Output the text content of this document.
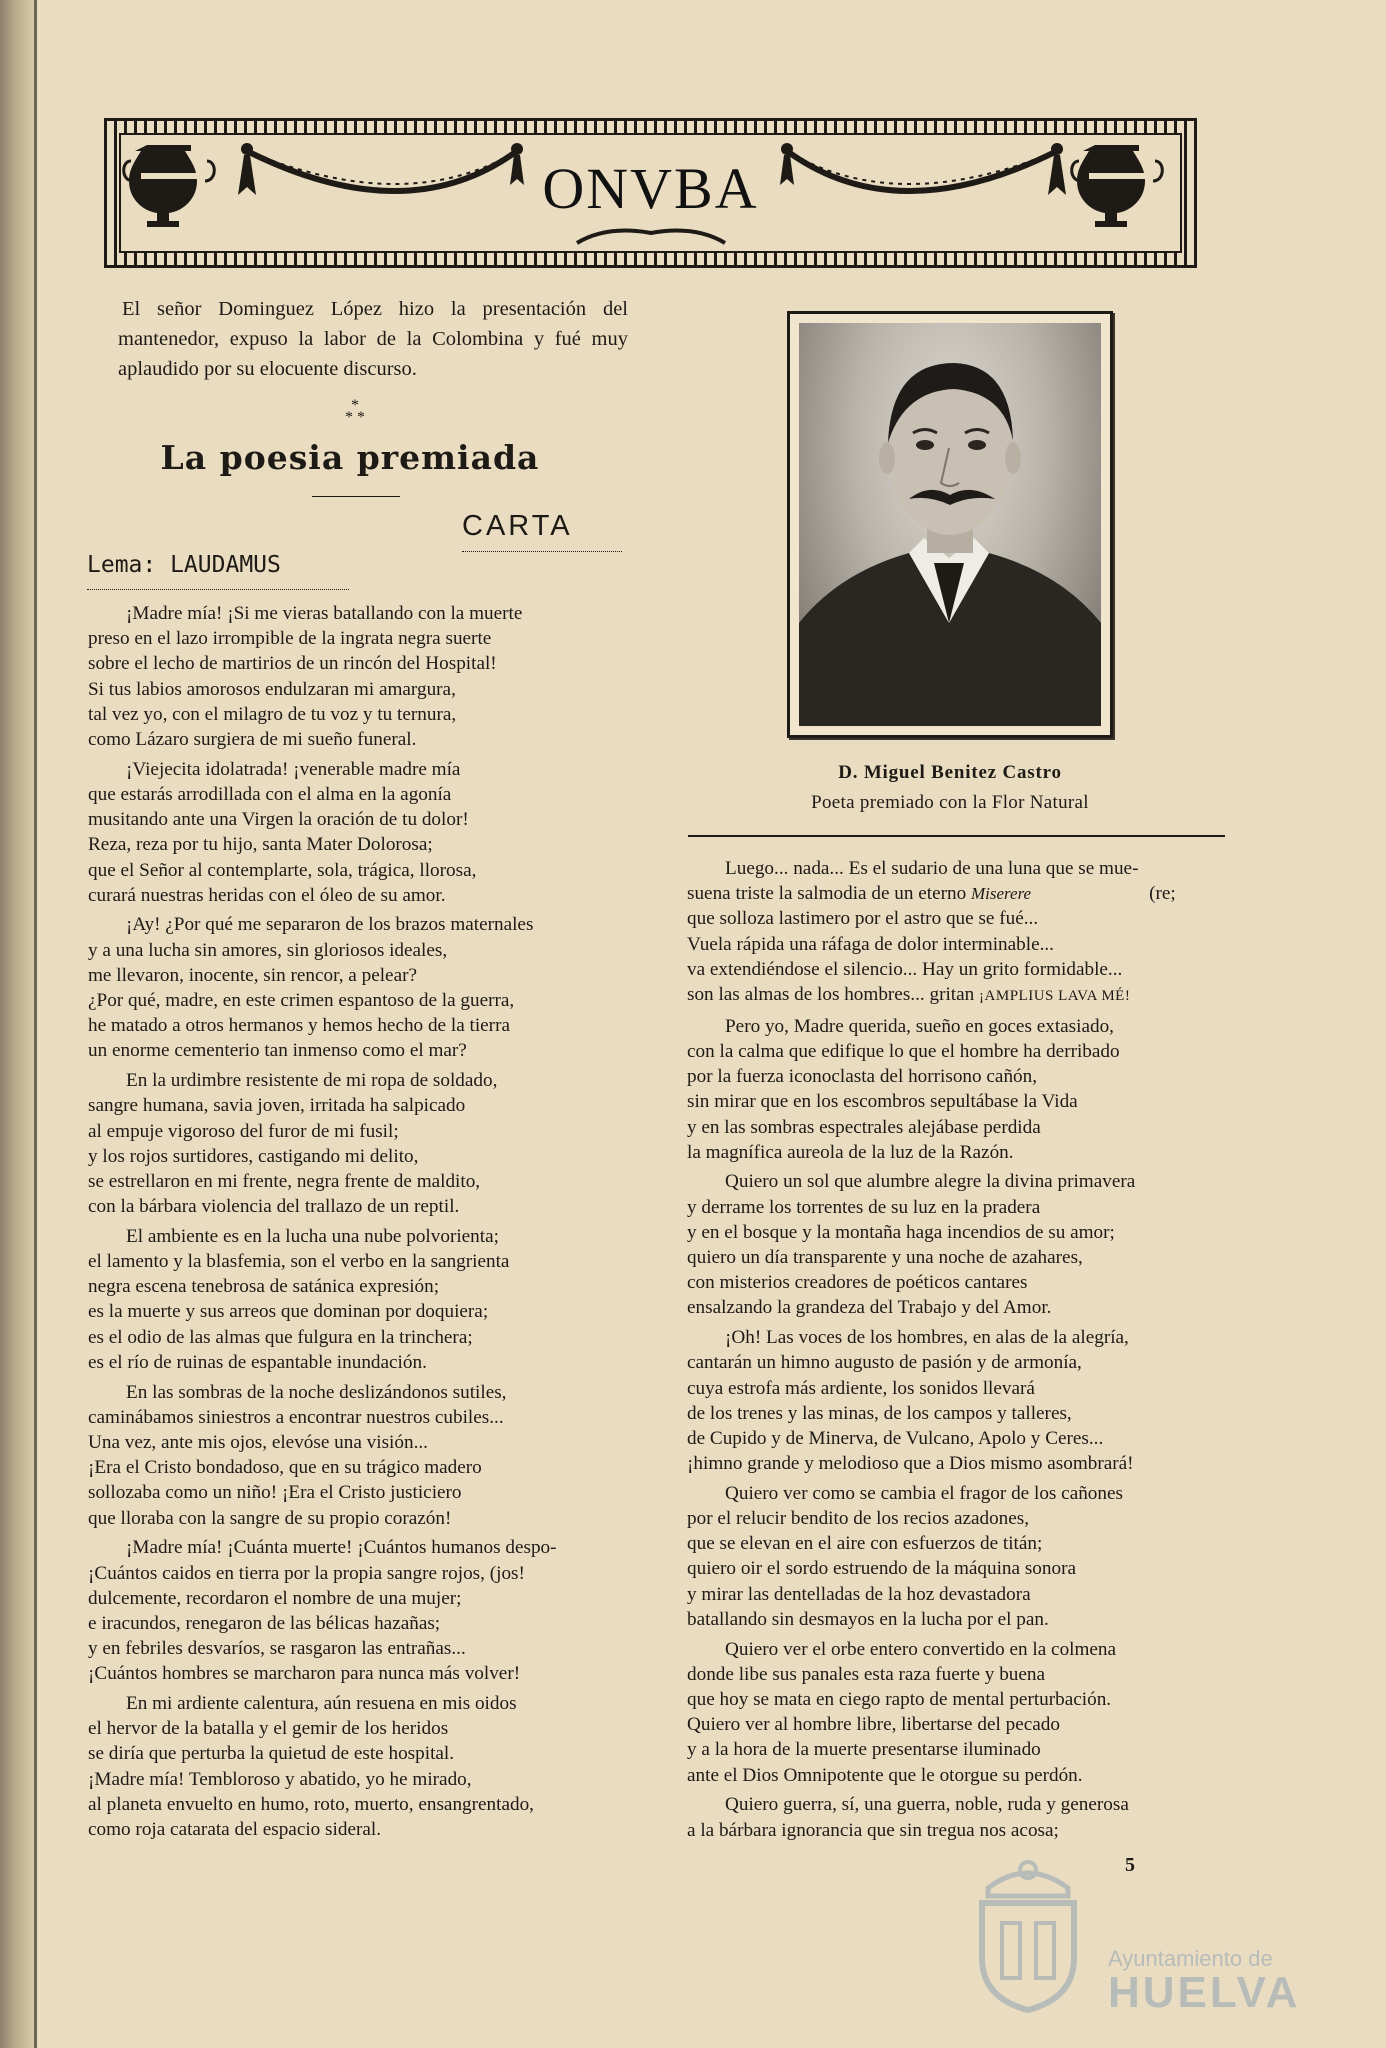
ONVBA
El señor Dominguez López hizo la presentación del mantenedor, expuso la labor de la Colombina y fué muy aplaudido por su elocuente discurso.
*
* *
La poesia premiada
CARTA
Lema: LAUDAMUS
¡Madre mía! ¡Si me vieras batallando con la muerte
preso en el lazo irrompible de la ingrata negra suerte
sobre el lecho de martirios de un rincón del Hospital!
Si tus labios amorosos endulzaran mi amargura,
tal vez yo, con el milagro de tu voz y tu ternura,
como Lázaro surgiera de mi sueño funeral.
¡Viejecita idolatrada! ¡venerable madre mía
que estarás arrodillada con el alma en la agonía
musitando ante una Virgen la oración de tu dolor!
Reza, reza por tu hijo, santa Mater Dolorosa;
que el Señor al contemplarte, sola, trágica, llorosa,
curará nuestras heridas con el óleo de su amor.
¡Ay! ¿Por qué me separaron de los brazos maternales
y a una lucha sin amores, sin gloriosos ideales,
me llevaron, inocente, sin rencor, a pelear?
¿Por qué, madre, en este crimen espantoso de la guerra,
he matado a otros hermanos y hemos hecho de la tierra
un enorme cementerio tan inmenso como el mar?
En la urdimbre resistente de mi ropa de soldado,
sangre humana, savia joven, irritada ha salpicado
al empuje vigoroso del furor de mi fusil;
y los rojos surtidores, castigando mi delito,
se estrellaron en mi frente, negra frente de maldito,
con la bárbara violencia del trallazo de un reptil.
El ambiente es en la lucha una nube polvorienta;
el lamento y la blasfemia, son el verbo en la sangrienta
negra escena tenebrosa de satánica expresión;
es la muerte y sus arreos que dominan por doquiera;
es el odio de las almas que fulgura en la trinchera;
es el río de ruinas de espantable inundación.
En las sombras de la noche deslizándonos sutiles,
caminábamos siniestros a encontrar nuestros cubiles...
Una vez, ante mis ojos, elevóse una visión...
¡Era el Cristo bondadoso, que en su trágico madero
sollozaba como un niño! ¡Era el Cristo justiciero
que lloraba con la sangre de su propio corazón!
¡Madre mía! ¡Cuánta muerte! ¡Cuántos humanos despo-
¡Cuántos caidos en tierra por la propia sangre rojos, (jos!
dulcemente, recordaron el nombre de una mujer;
e iracundos, renegaron de las bélicas hazañas;
y en febriles desvaríos, se rasgaron las entrañas...
¡Cuántos hombres se marcharon para nunca más volver!
En mi ardiente calentura, aún resuena en mis oidos
el hervor de la batalla y el gemir de los heridos
se diría que perturba la quietud de este hospital.
¡Madre mía! Tembloroso y abatido, yo he mirado,
al planeta envuelto en humo, roto, muerto, ensangrentado,
como roja catarata del espacio sideral.
D. Miguel Benitez Castro
Poeta premiado con la Flor Natural
Luego... nada... Es el sudario de una luna que se mue-
suena triste la salmodia de un eterno Miserere	(re;
que solloza lastimero por el astro que se fué...
Vuela rápida una ráfaga de dolor interminable...
va extendiéndose el silencio... Hay un grito formidable...
son las almas de los hombres... gritan ¡AMPLIUS LAVA MÉ!
Pero yo, Madre querida, sueño en goces extasiado,
con la calma que edifique lo que el hombre ha derribado
por la fuerza iconoclasta del horrisono cañón,
sin mirar que en los escombros sepultábase la Vida
y en las sombras espectrales alejábase perdida
la magnífica aureola de la luz de la Razón.
Quiero un sol que alumbre alegre la divina primavera
y derrame los torrentes de su luz en la pradera
y en el bosque y la montaña haga incendios de su amor;
quiero un día transparente y una noche de azahares,
con misterios creadores de poéticos cantares
ensalzando la grandeza del Trabajo y del Amor.
¡Oh! Las voces de los hombres, en alas de la alegría,
cantarán un himno augusto de pasión y de armonía,
cuya estrofa más ardiente, los sonidos llevará
de los trenes y las minas, de los campos y talleres,
de Cupido y de Minerva, de Vulcano, Apolo y Ceres...
¡himno grande y melodioso que a Dios mismo asombrará!
Quiero ver como se cambia el fragor de los cañones
por el relucir bendito de los recios azadones,
que se elevan en el aire con esfuerzos de titán;
quiero oir el sordo estruendo de la máquina sonora
y mirar las dentelladas de la hoz devastadora
batallando sin desmayos en la lucha por el pan.
Quiero ver el orbe entero convertido en la colmena
donde libe sus panales esta raza fuerte y buena
que hoy se mata en ciego rapto de mental perturbación.
Quiero ver al hombre libre, libertarse del pecado
y a la hora de la muerte presentarse iluminado
ante el Dios Omnipotente que le otorgue su perdón.
Quiero guerra, sí, una guerra, noble, ruda y generosa
a la bárbara ignorancia que sin tregua nos acosa;
5
Ayuntamiento de
HUELVA
